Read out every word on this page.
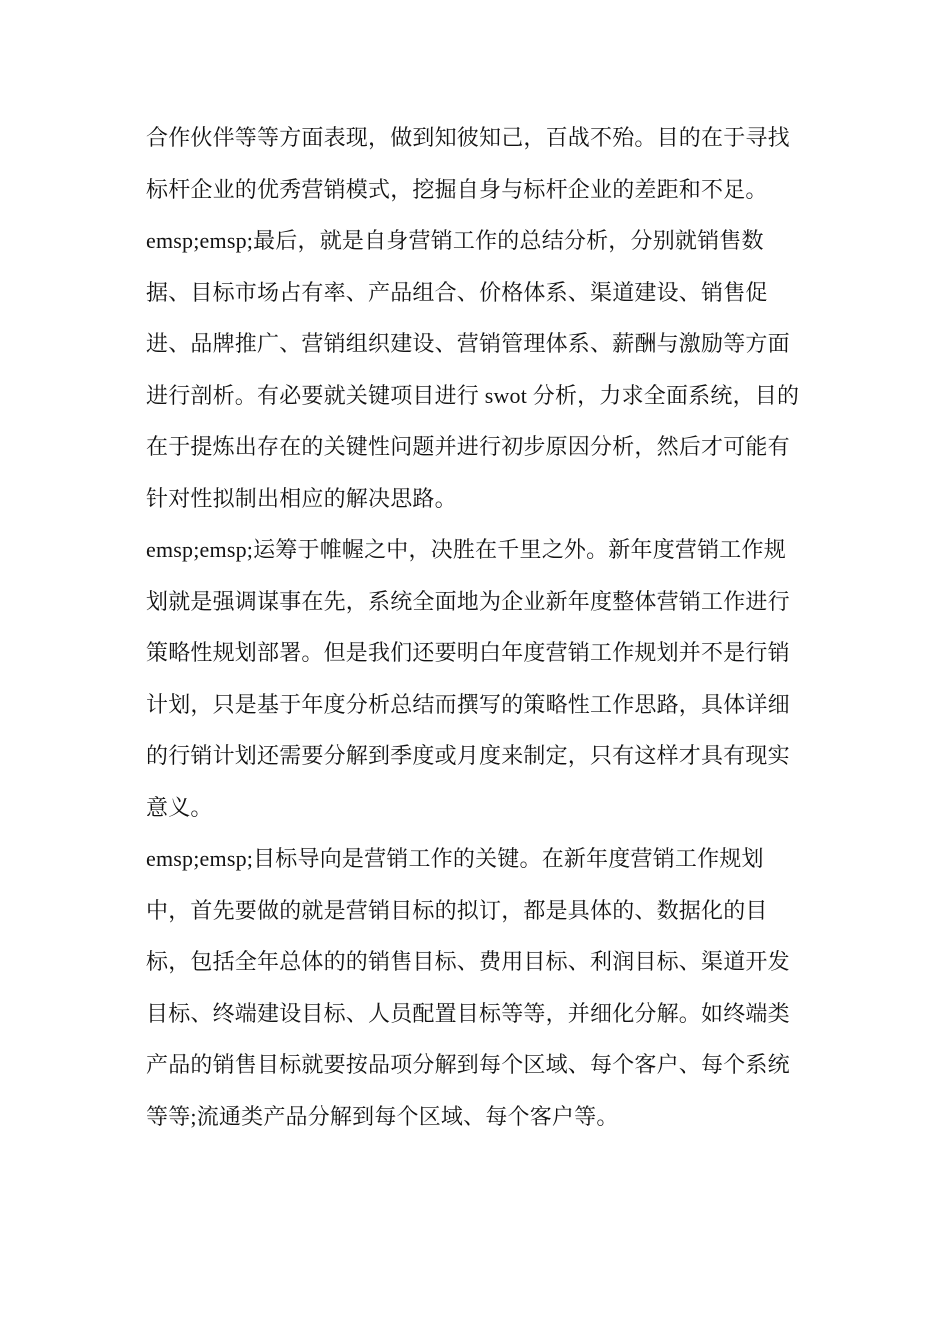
合作伙伴等等方面表现，做到知彼知己，百战不殆。目的在于寻找
标杆企业的优秀营销模式，挖掘自身与标杆企业的差距和不足。
emsp;emsp;最后，就是自身营销工作的总结分析，分别就销售数
据、目标市场占有率、产品组合、价格体系、渠道建设、销售促
进、品牌推广、营销组织建设、营销管理体系、薪酬与激励等方面
进行剖析。有必要就关键项目进行 swot 分析，力求全面系统，目的
在于提炼出存在的关键性问题并进行初步原因分析，然后才可能有
针对性拟制出相应的解决思路。
emsp;emsp;运筹于帷幄之中，决胜在千里之外。新年度营销工作规
划就是强调谋事在先，系统全面地为企业新年度整体营销工作进行
策略性规划部署。但是我们还要明白年度营销工作规划并不是行销
计划，只是基于年度分析总结而撰写的策略性工作思路，具体详细
的行销计划还需要分解到季度或月度来制定，只有这样才具有现实
意义。
emsp;emsp;目标导向是营销工作的关键。在新年度营销工作规划
中，首先要做的就是营销目标的拟订，都是具体的、数据化的目
标，包括全年总体的的销售目标、费用目标、利润目标、渠道开发
目标、终端建设目标、人员配置目标等等，并细化分解。如终端类
产品的销售目标就要按品项分解到每个区域、每个客户、每个系统
等等;流通类产品分解到每个区域、每个客户等。
